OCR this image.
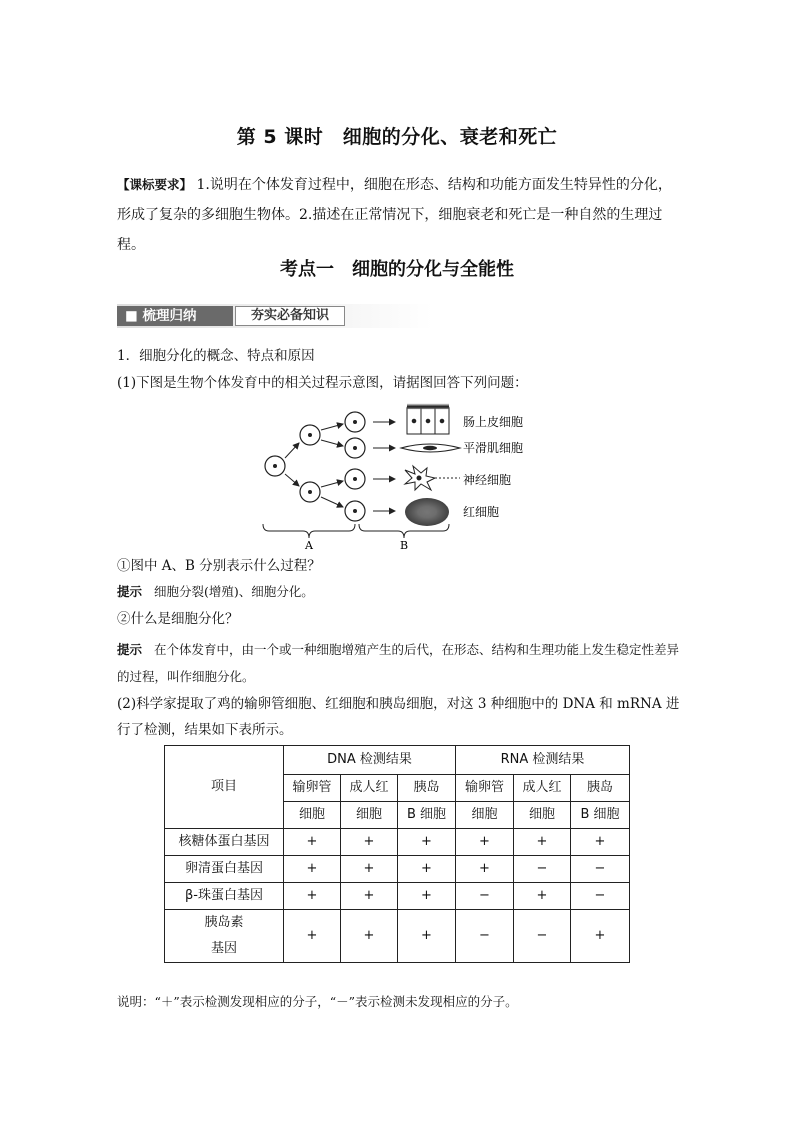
第 5 课时　细胞的分化、衰老和死亡
【课标要求】 1.说明在个体发育过程中，细胞在形态、结构和功能方面发生特异性的分化，形成了复杂的多细胞生物体。2.描述在正常情况下，细胞衰老和死亡是一种自然的生理过程。
考点一　细胞的分化与全能性
■ 梳理归纳	夯实必备知识
1．细胞分化的概念、特点和原因
(1)下图是生物个体发育中的相关过程示意图，请据图回答下列问题：
肠上皮细胞
平滑肌细胞
神经细胞
红细胞
A	B
①图中 A、B 分别表示什么过程？
提示 细胞分裂(增殖)、细胞分化。
②什么是细胞分化？
提示 在个体发育中，由一个或一种细胞增殖产生的后代，在形态、结构和生理功能上发生稳定性差异的过程，叫作细胞分化。
(2)科学家提取了鸡的输卵管细胞、红细胞和胰岛细胞，对这 3 种细胞中的 DNA 和 mRNA 进行了检测，结果如下表所示。
项目	DNA 检测结果			RNA 检测结果		
	输卵管	成人红	胰岛	输卵管	成人红	胰岛
	细胞	细胞	B 细胞	细胞	细胞	B 细胞
核糖体蛋白基因	+	+	+	+	+	+
卵清蛋白基因	+	+	+	+	−	−
β-珠蛋白基因	+	+	+	−	+	−

胰岛素
基因	+	+	+	−	−	+
说明：“＋”表示检测发现相应的分子，“－”表示检测未发现相应的分子。
